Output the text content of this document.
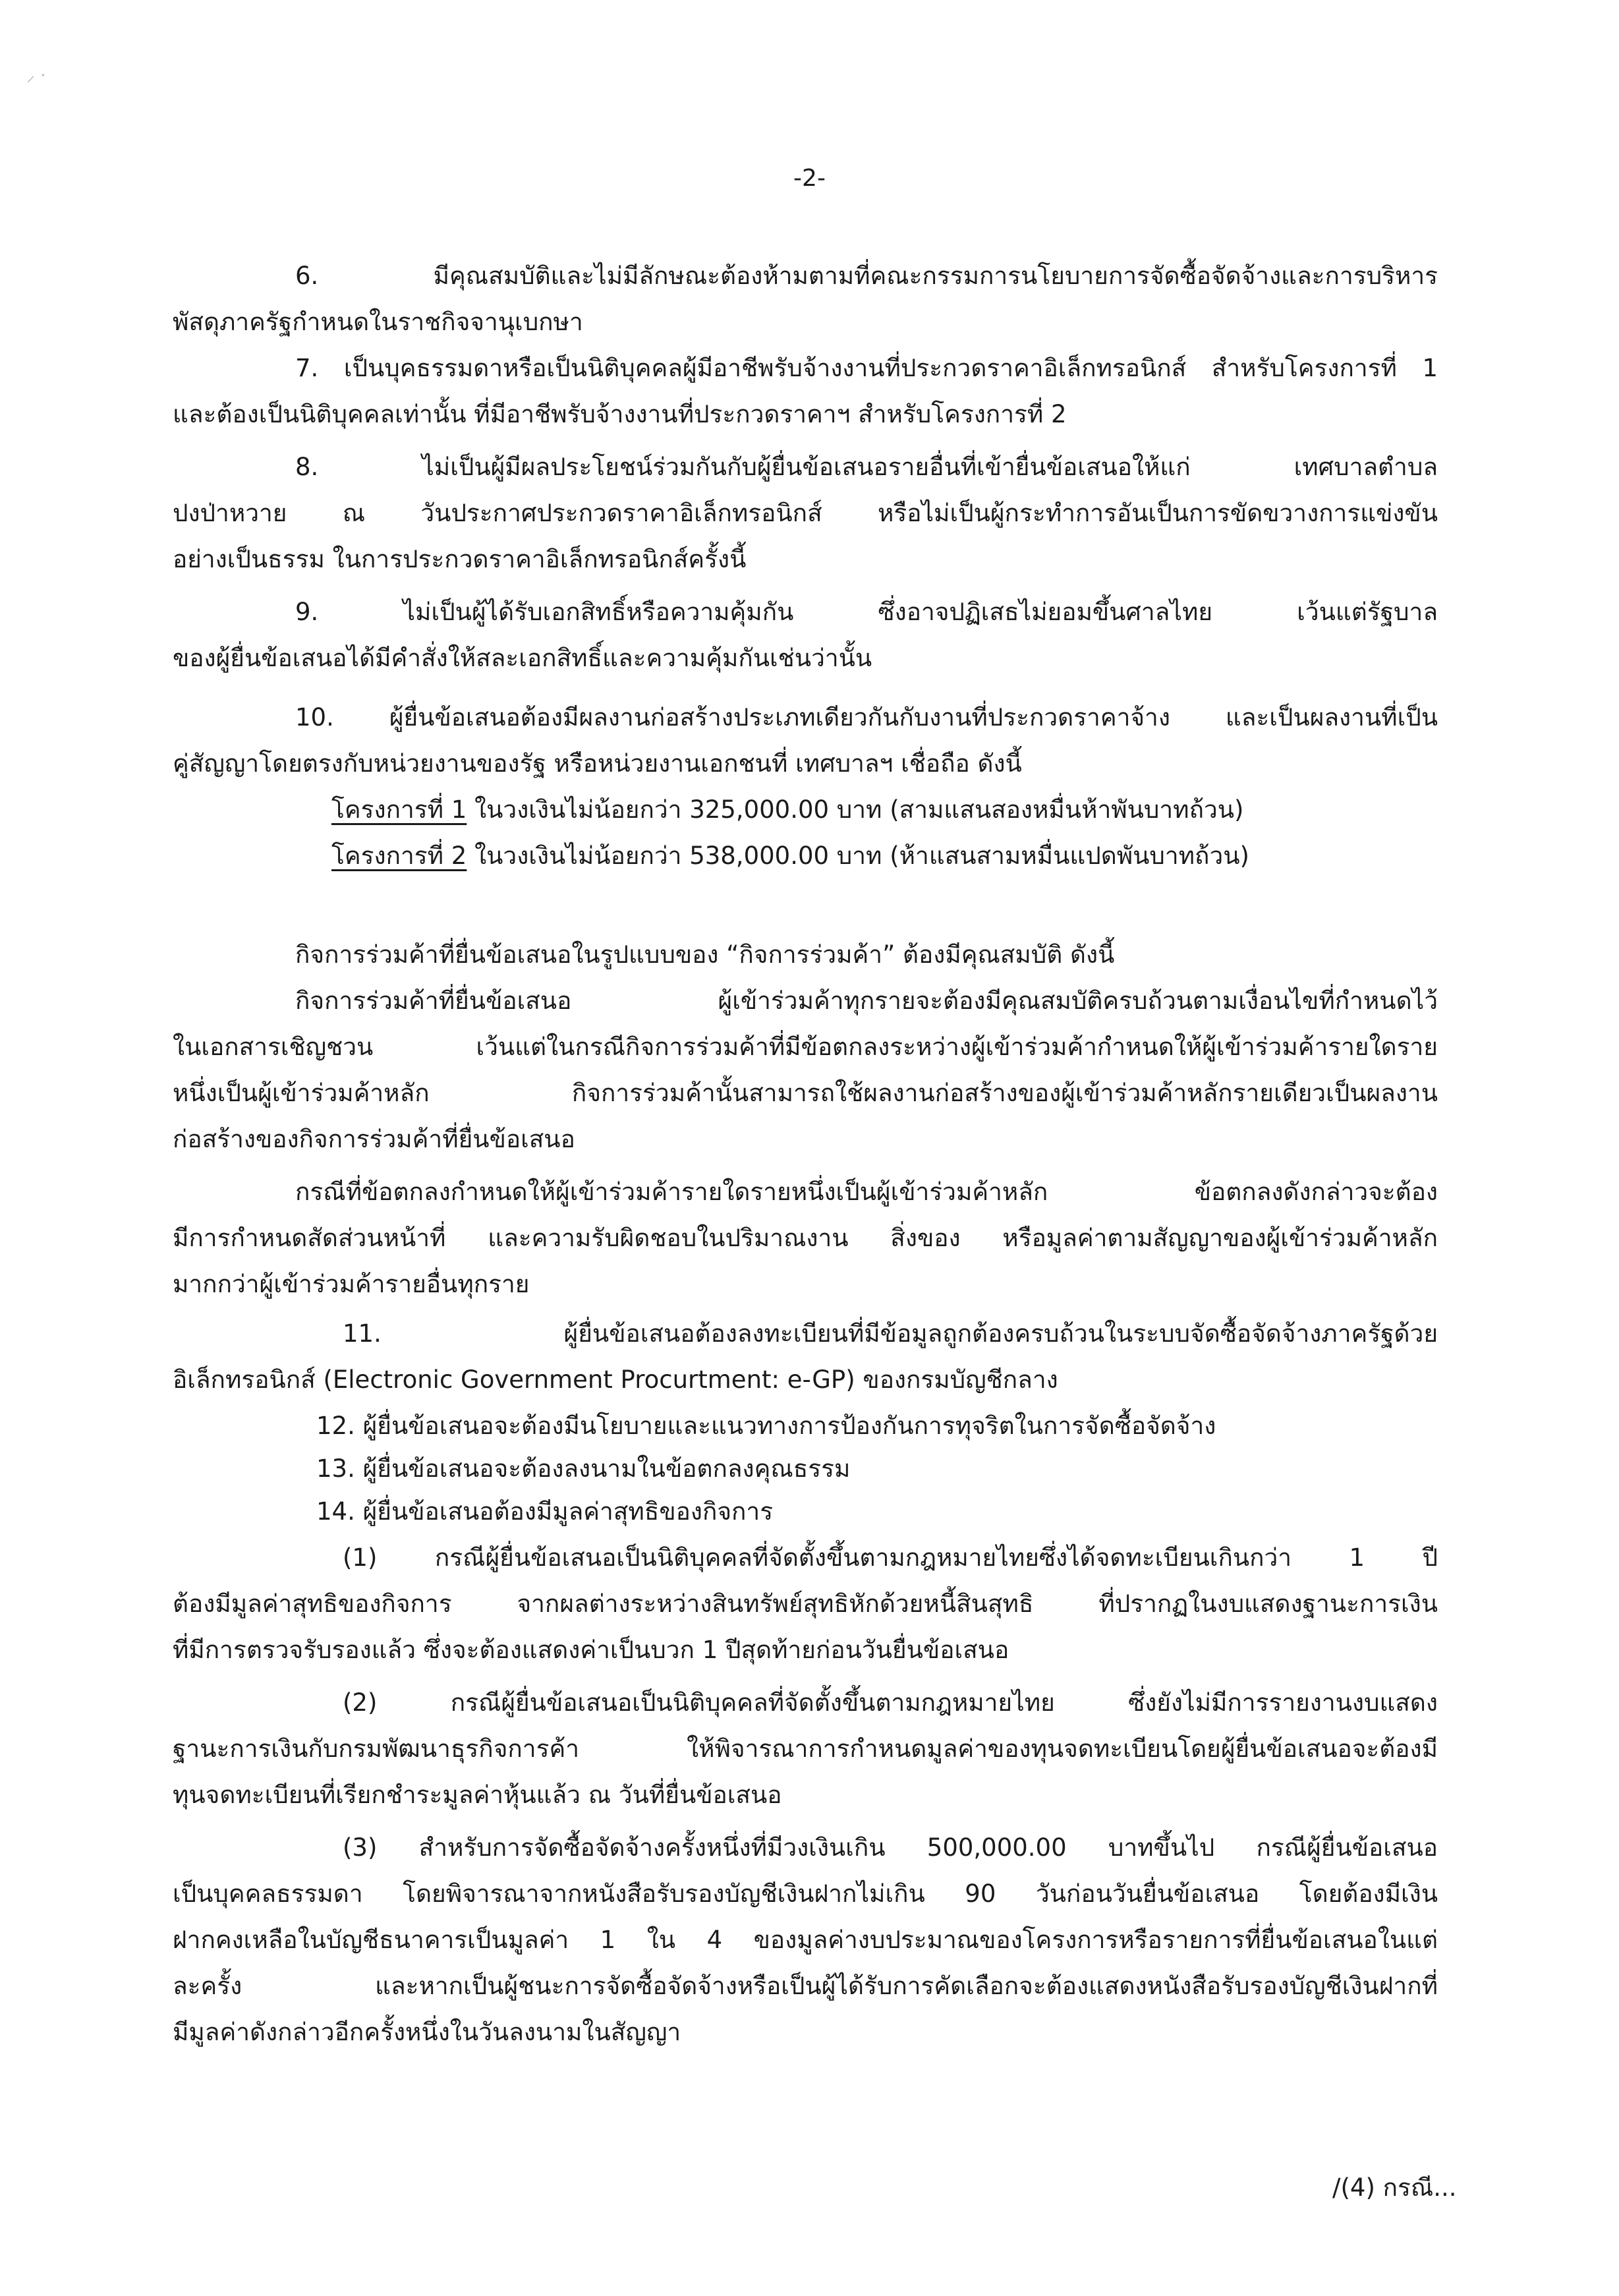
⸝ ·
-2-
6. มีคุณสมบัติและไม่มีลักษณะต้องห้ามตามที่คณะกรรมการนโยบายการจัดซื้อจัดจ้างและการบริหาร
พัสดุภาครัฐกำหนดในราชกิจจานุเบกษา
7. เป็นบุคธรรมดาหรือเป็นนิติบุคคลผู้มีอาชีพรับจ้างงานที่ประกวดราคาอิเล็กทรอนิกส์ สำหรับโครงการที่ 1
และต้องเป็นนิติบุคคลเท่านั้น ที่มีอาชีพรับจ้างงานที่ประกวดราคาฯ สำหรับโครงการที่ 2
8. ไม่เป็นผู้มีผลประโยชน์ร่วมกันกับผู้ยื่นข้อเสนอรายอื่นที่เข้ายื่นข้อเสนอให้แก่ เทศบาลตำบล
ปงป่าหวาย ณ วันประกาศประกวดราคาอิเล็กทรอนิกส์ หรือไม่เป็นผู้กระทำการอันเป็นการขัดขวางการแข่งขัน
อย่างเป็นธรรม ในการประกวดราคาอิเล็กทรอนิกส์ครั้งนี้
9. ไม่เป็นผู้ได้รับเอกสิทธิ์หรือความคุ้มกัน ซึ่งอาจปฏิเสธไม่ยอมขึ้นศาลไทย เว้นแต่รัฐบาล
ของผู้ยื่นข้อเสนอได้มีคำสั่งให้สละเอกสิทธิ์และความคุ้มกันเช่นว่านั้น
10. ผู้ยื่นข้อเสนอต้องมีผลงานก่อสร้างประเภทเดียวกันกับงานที่ประกวดราคาจ้าง และเป็นผลงานที่เป็น
คู่สัญญาโดยตรงกับหน่วยงานของรัฐ หรือหน่วยงานเอกชนที่ เทศบาลฯ เชื่อถือ ดังนี้
โครงการที่ 1 ในวงเงินไม่น้อยกว่า 325,000.00 บาท (สามแสนสองหมื่นห้าพันบาทถ้วน)
โครงการที่ 2 ในวงเงินไม่น้อยกว่า 538,000.00 บาท (ห้าแสนสามหมื่นแปดพันบาทถ้วน)
กิจการร่วมค้าที่ยื่นข้อเสนอในรูปแบบของ “กิจการร่วมค้า” ต้องมีคุณสมบัติ ดังนี้
กิจการร่วมค้าที่ยื่นข้อเสนอ ผู้เข้าร่วมค้าทุกรายจะต้องมีคุณสมบัติครบถ้วนตามเงื่อนไขที่กำหนดไว้
ในเอกสารเชิญชวน เว้นแต่ในกรณีกิจการร่วมค้าที่มีข้อตกลงระหว่างผู้เข้าร่วมค้ากำหนดให้ผู้เข้าร่วมค้ารายใดราย
หนึ่งเป็นผู้เข้าร่วมค้าหลัก กิจการร่วมค้านั้นสามารถใช้ผลงานก่อสร้างของผู้เข้าร่วมค้าหลักรายเดียวเป็นผลงาน
ก่อสร้างของกิจการร่วมค้าที่ยื่นข้อเสนอ
กรณีที่ข้อตกลงกำหนดให้ผู้เข้าร่วมค้ารายใดรายหนึ่งเป็นผู้เข้าร่วมค้าหลัก ข้อตกลงดังกล่าวจะต้อง
มีการกำหนดสัดส่วนหน้าที่ และความรับผิดชอบในปริมาณงาน สิ่งของ หรือมูลค่าตามสัญญาของผู้เข้าร่วมค้าหลัก
มากกว่าผู้เข้าร่วมค้ารายอื่นทุกราย
11. ผู้ยื่นข้อเสนอต้องลงทะเบียนที่มีข้อมูลถูกต้องครบถ้วนในระบบจัดซื้อจัดจ้างภาครัฐด้วย
อิเล็กทรอนิกส์ (Electronic Government Procurtment: e-GP) ของกรมบัญชีกลาง
12. ผู้ยื่นข้อเสนอจะต้องมีนโยบายและแนวทางการป้องกันการทุจริตในการจัดซื้อจัดจ้าง
13. ผู้ยื่นข้อเสนอจะต้องลงนามในข้อตกลงคุณธรรม
14. ผู้ยื่นข้อเสนอต้องมีมูลค่าสุทธิของกิจการ
(1) กรณีผู้ยื่นข้อเสนอเป็นนิติบุคคลที่จัดตั้งขึ้นตามกฎหมายไทยซึ่งได้จดทะเบียนเกินกว่า 1 ปี
ต้องมีมูลค่าสุทธิของกิจการ จากผลต่างระหว่างสินทรัพย์สุทธิหักด้วยหนี้สินสุทธิ ที่ปรากฏในงบแสดงฐานะการเงิน
ที่มีการตรวจรับรองแล้ว ซึ่งจะต้องแสดงค่าเป็นบวก 1 ปีสุดท้ายก่อนวันยื่นข้อเสนอ
(2) กรณีผู้ยื่นข้อเสนอเป็นนิติบุคคลที่จัดตั้งขึ้นตามกฎหมายไทย ซึ่งยังไม่มีการรายงานงบแสดง
ฐานะการเงินกับกรมพัฒนาธุรกิจการค้า ให้พิจารณาการกำหนดมูลค่าของทุนจดทะเบียนโดยผู้ยื่นข้อเสนอจะต้องมี
ทุนจดทะเบียนที่เรียกชำระมูลค่าหุ้นแล้ว ณ วันที่ยื่นข้อเสนอ
(3) สำหรับการจัดซื้อจัดจ้างครั้งหนึ่งที่มีวงเงินเกิน 500,000.00 บาทขึ้นไป กรณีผู้ยื่นข้อเสนอ
เป็นบุคคลธรรมดา โดยพิจารณาจากหนังสือรับรองบัญชีเงินฝากไม่เกิน 90 วันก่อนวันยื่นข้อเสนอ โดยต้องมีเงิน
ฝากคงเหลือในบัญชีธนาคารเป็นมูลค่า 1 ใน 4 ของมูลค่างบประมาณของโครงการหรือรายการที่ยื่นข้อเสนอในแต่
ละครั้ง และหากเป็นผู้ชนะการจัดซื้อจัดจ้างหรือเป็นผู้ได้รับการคัดเลือกจะต้องแสดงหนังสือรับรองบัญชีเงินฝากที่
มีมูลค่าดังกล่าวอีกครั้งหนึ่งในวันลงนามในสัญญา
/(4) กรณี...
